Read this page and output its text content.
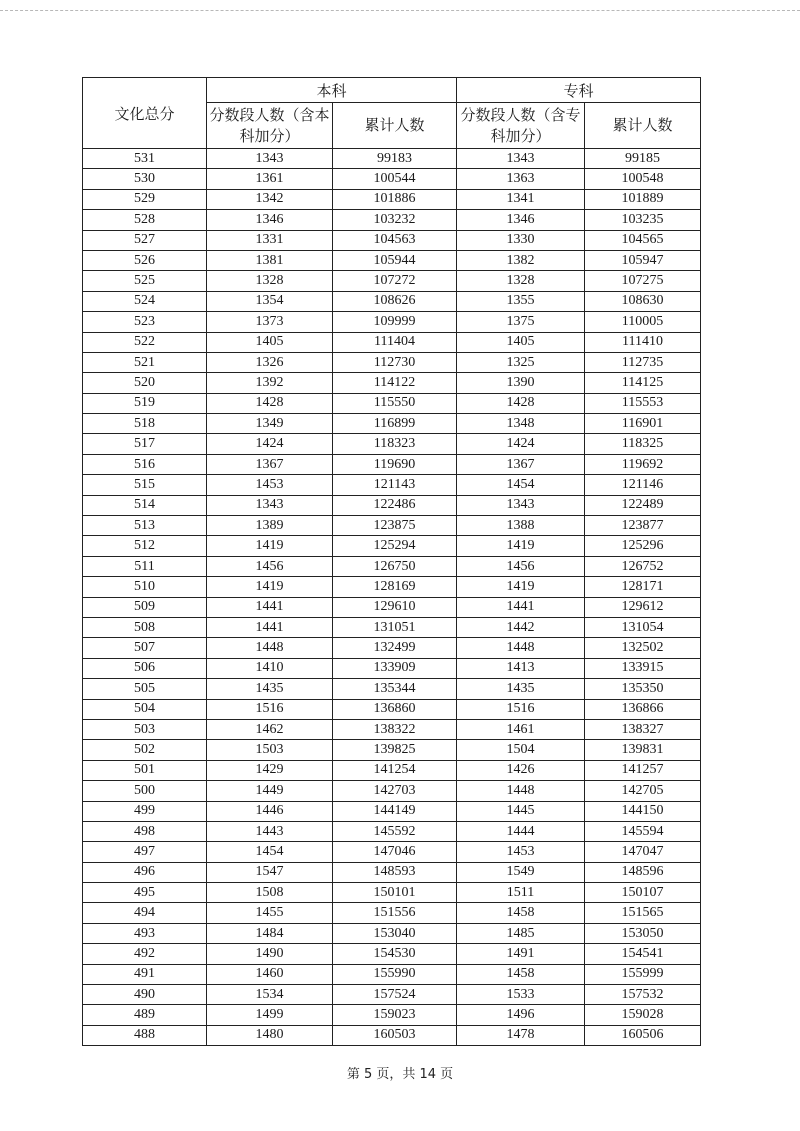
文化总分	本科		专科	
	分数段人数（含本科加分）	累计人数	分数段人数（含专科加分）	累计人数
531	1343	99183	1343	99185
530	1361	100544	1363	100548
529	1342	101886	1341	101889
528	1346	103232	1346	103235
527	1331	104563	1330	104565
526	1381	105944	1382	105947
525	1328	107272	1328	107275
524	1354	108626	1355	108630
523	1373	109999	1375	110005
522	1405	111404	1405	111410
521	1326	112730	1325	112735
520	1392	114122	1390	114125
519	1428	115550	1428	115553
518	1349	116899	1348	116901
517	1424	118323	1424	118325
516	1367	119690	1367	119692
515	1453	121143	1454	121146
514	1343	122486	1343	122489
513	1389	123875	1388	123877
512	1419	125294	1419	125296
511	1456	126750	1456	126752
510	1419	128169	1419	128171
509	1441	129610	1441	129612
508	1441	131051	1442	131054
507	1448	132499	1448	132502
506	1410	133909	1413	133915
505	1435	135344	1435	135350
504	1516	136860	1516	136866
503	1462	138322	1461	138327
502	1503	139825	1504	139831
501	1429	141254	1426	141257
500	1449	142703	1448	142705
499	1446	144149	1445	144150
498	1443	145592	1444	145594
497	1454	147046	1453	147047
496	1547	148593	1549	148596
495	1508	150101	1511	150107
494	1455	151556	1458	151565
493	1484	153040	1485	153050
492	1490	154530	1491	154541
491	1460	155990	1458	155999
490	1534	157524	1533	157532
489	1499	159023	1496	159028
488	1480	160503	1478	160506
第 5 页，共 14 页
